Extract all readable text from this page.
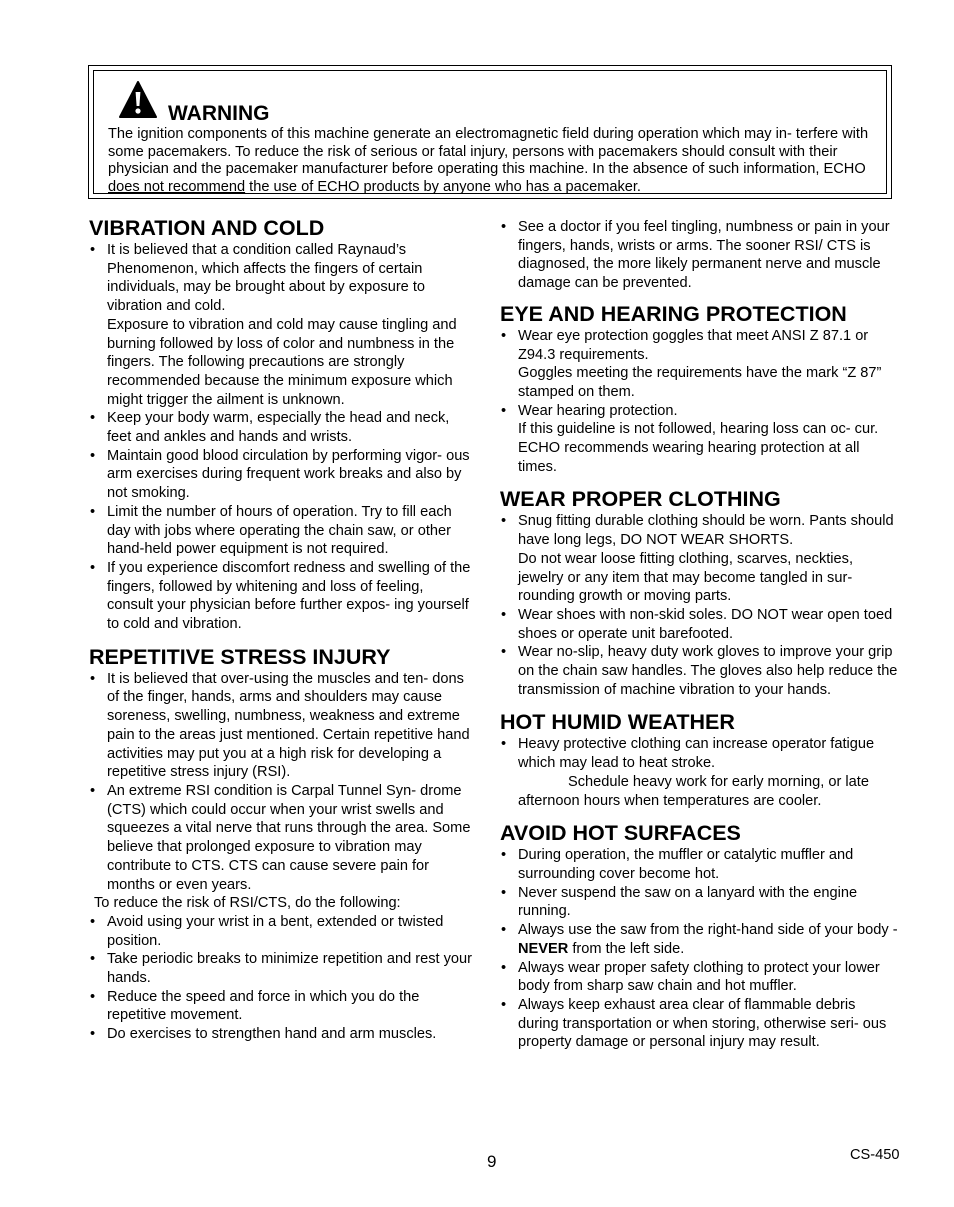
WARNING
The ignition components of this machine generate an electromagnetic field during operation which may in- terfere with some pacemakers. To reduce the risk of serious or fatal injury, persons with pacemakers should consult with their physician and the pacemaker manufacturer before operating this machine. In the absence of such information, ECHO does not recommend the use of ECHO products by anyone who has a pacemaker.
VIBRATION AND COLD
• It is believed that a condition called Raynaud’s Phenomenon, which affects the fingers of certain individuals, may be brought about by exposure to vibration and cold.
Exposure to vibration and cold may cause tingling and burning followed by loss of color and numbness in the fingers. The following precautions are strongly recommended because the minimum exposure which might trigger the ailment is unknown.
• Keep your body warm, especially the head and neck, feet and ankles and hands and wrists.
• Maintain good blood circulation by performing vigor- ous arm exercises during frequent work breaks and also by not smoking.
• Limit the number of hours of operation. Try to fill each day with jobs where operating the chain saw, or other hand-held power equipment is not required.
• If you experience discomfort redness and swelling of the fingers, followed by whitening and loss of feeling, consult your physician before further expos- ing yourself to cold and vibration.
REPETITIVE STRESS INJURY
• It is believed that over-using the muscles and ten- dons of the finger, hands, arms and shoulders may cause soreness, swelling, numbness, weakness and extreme pain to the areas just mentioned. Certain repetitive hand activities may put you at a high risk for developing a repetitive stress injury (RSI).
• An extreme RSI condition is Carpal Tunnel Syn- drome (CTS) which could occur when your wrist swells and squeezes a vital nerve that runs through the area. Some believe that prolonged exposure to vibration may contribute to CTS. CTS can cause severe pain for months or even years.
To reduce the risk of RSI/CTS, do the following:
• Avoid using your wrist in a bent, extended or twisted position.
• Take periodic breaks to minimize repetition and rest your hands.
• Reduce the speed and force in which you do the repetitive movement.
• Do exercises to strengthen hand and arm muscles.
• See a doctor if you feel tingling, numbness or pain in your fingers, hands, wrists or arms. The sooner RSI/ CTS is diagnosed, the more likely permanent nerve and muscle damage can be prevented.
EYE AND HEARING PROTECTION
• Wear eye protection goggles that meet ANSI Z 87.1 or Z94.3 requirements.
Goggles meeting the requirements have the mark “Z 87” stamped on them.
• Wear hearing protection.
If this guideline is not followed, hearing loss can oc- cur.
ECHO recommends wearing hearing protection at all times.
WEAR PROPER CLOTHING
• Snug fitting durable clothing should be worn. Pants should have long legs, DO NOT WEAR SHORTS.
Do not wear loose fitting clothing, scarves, neckties, jewelry or any item that may become tangled in sur- rounding growth or moving parts.
• Wear shoes with non-skid soles. DO NOT wear open toed shoes or operate unit barefooted.
• Wear no-slip, heavy duty work gloves to improve your grip on the chain saw handles. The gloves also help reduce the transmission of machine vibration to your hands.
HOT HUMID WEATHER
• Heavy protective clothing can increase operator fatigue which may lead to heat stroke.
Schedule heavy work for early morning, or late afternoon hours when temperatures are cooler.
AVOID HOT SURFACES
• During operation, the muffler or catalytic muffler and surrounding cover become hot.
• Never suspend the saw on a lanyard with the engine running.
• Always use the saw from the right-hand side of your body - NEVER from the left side.
• Always wear proper safety clothing to protect your lower body from sharp saw chain and hot muffler.
• Always keep exhaust area clear of flammable debris during transportation or when storing, otherwise seri- ous property damage or personal injury may result.
9	CS-450
